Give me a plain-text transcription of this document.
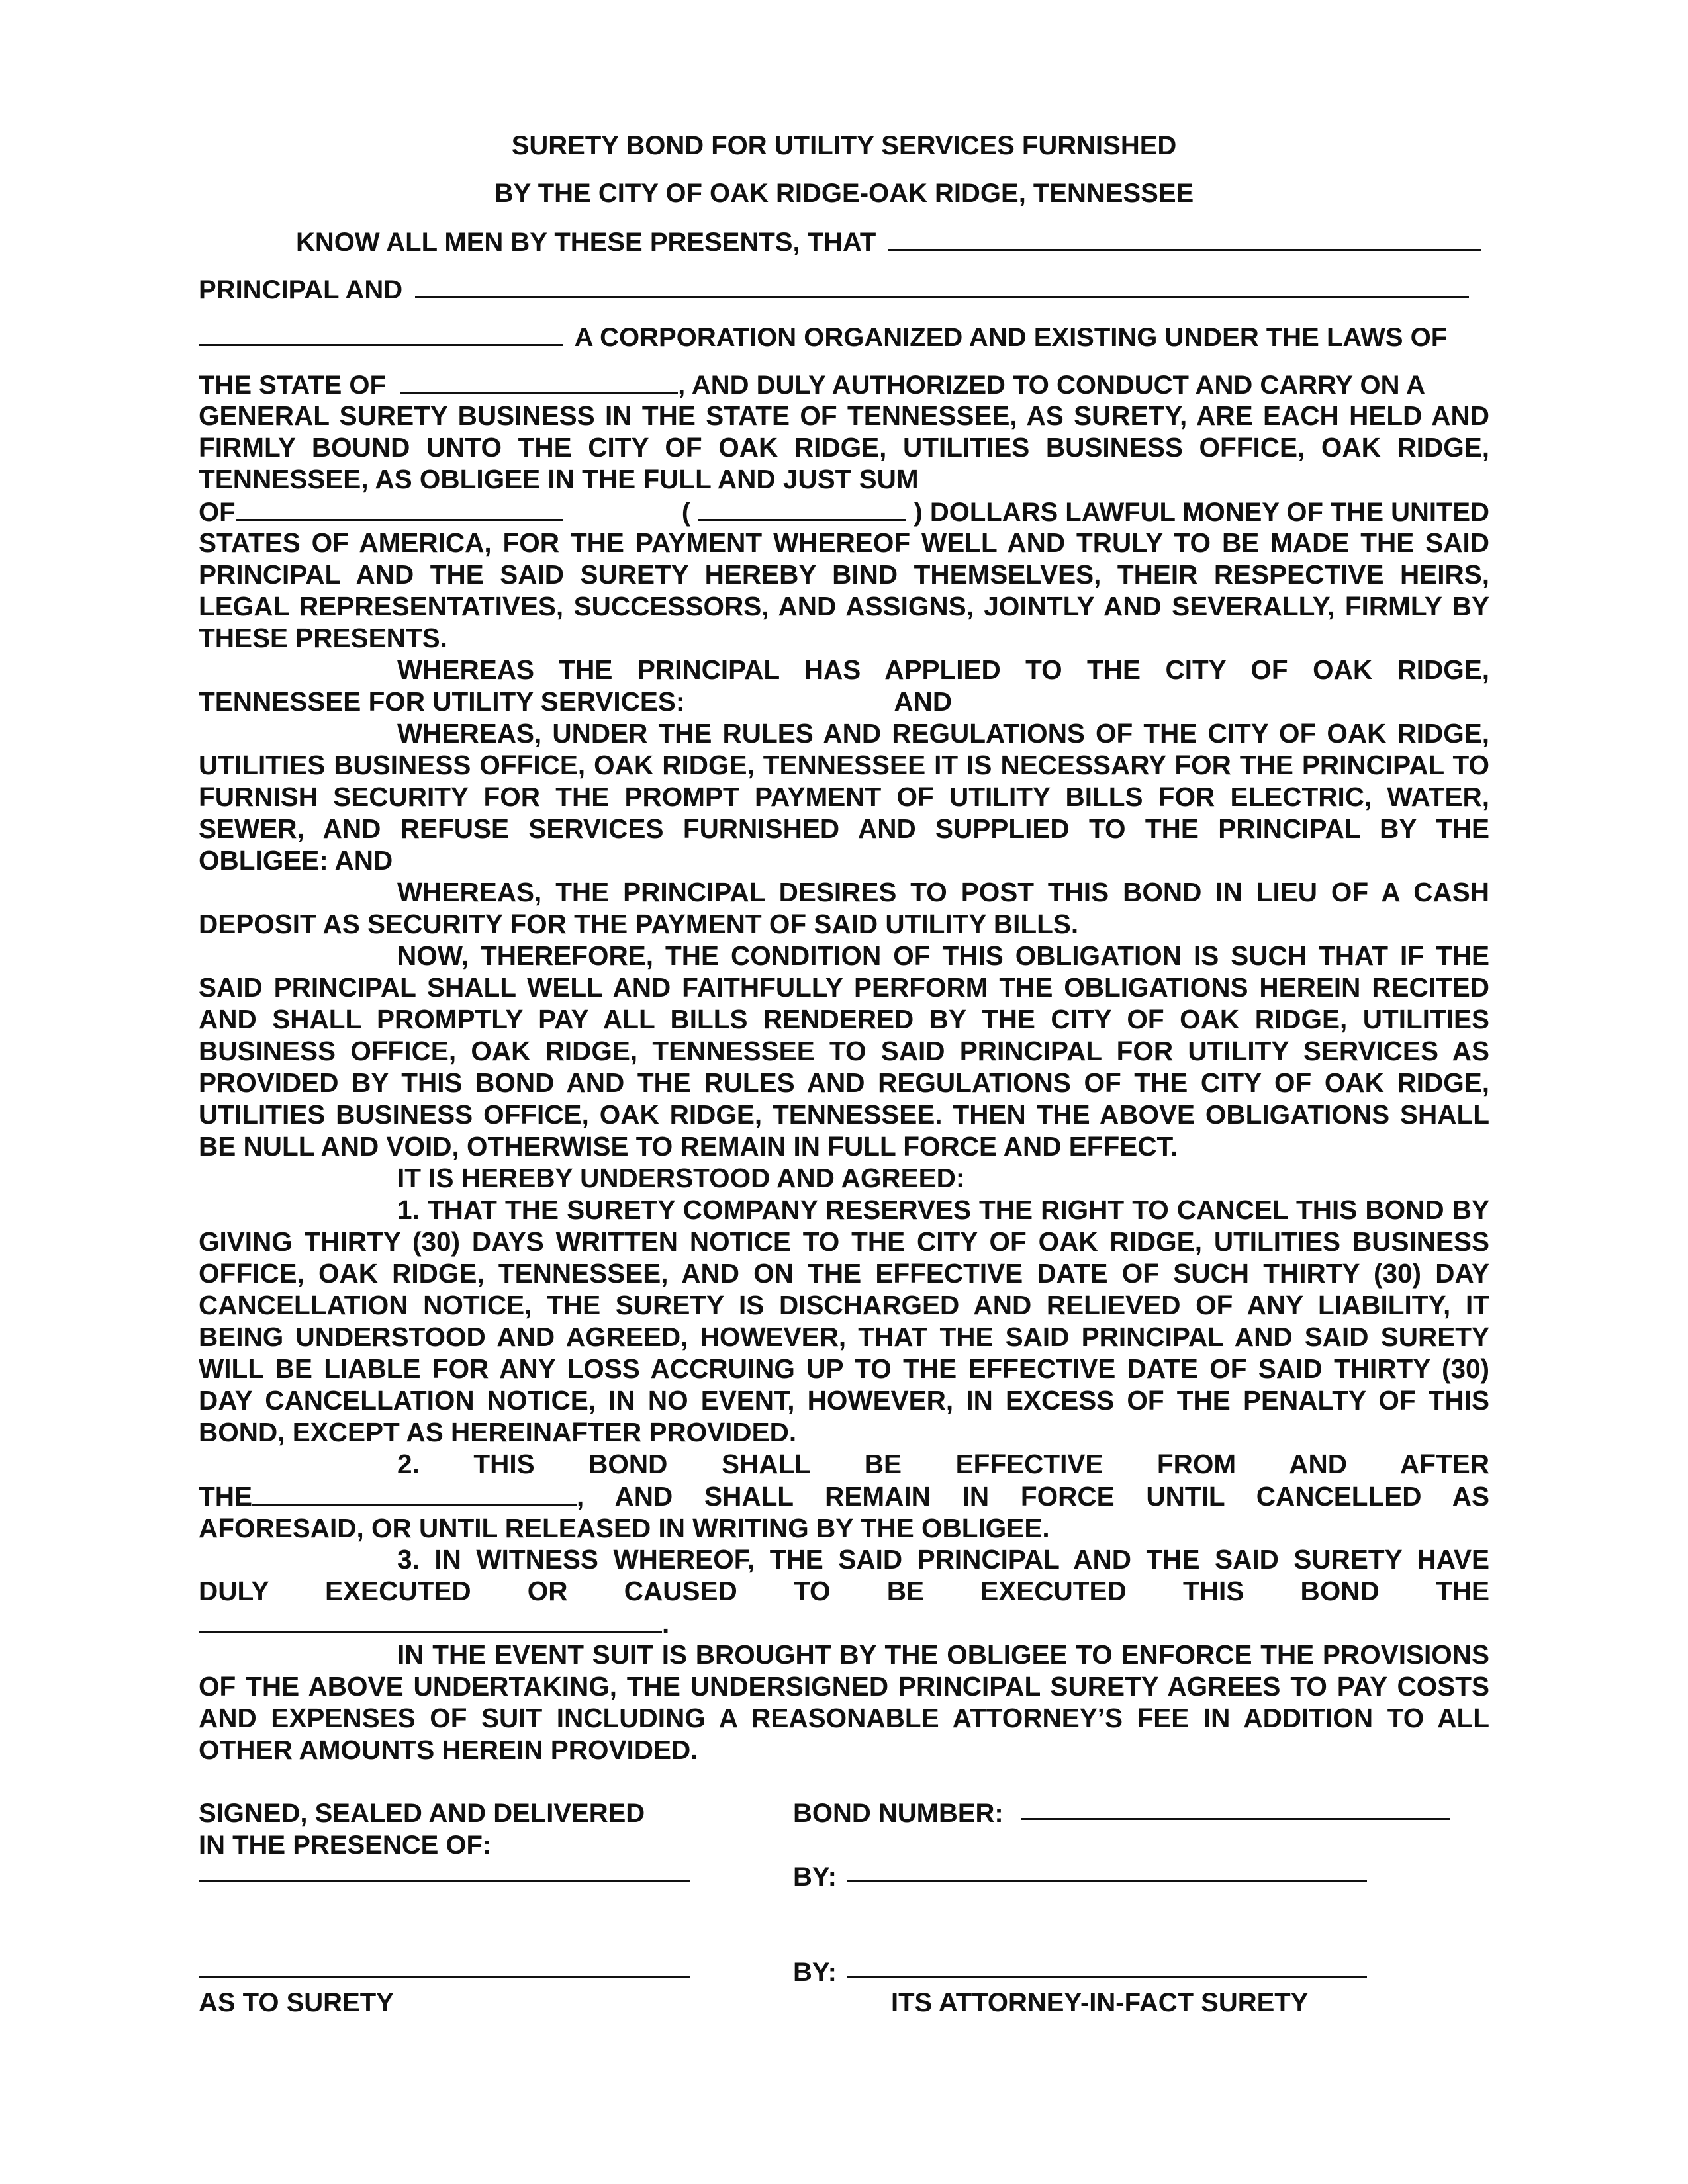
SURETY BOND FOR UTILITY SERVICES FURNISHED
BY THE CITY OF OAK RIDGE-OAK RIDGE, TENNESSEE
KNOW ALL MEN BY THESE PRESENTS, THAT
PRINCIPAL AND
A CORPORATION ORGANIZED AND EXISTING UNDER THE LAWS OF
THE STATE OF	, AND DULY AUTHORIZED TO CONDUCT AND CARRY ON A
GENERAL SURETY BUSINESS IN THE STATE OF TENNESSEE, AS SURETY, ARE EACH HELD AND FIRMLY BOUND UNTO THE CITY OF OAK RIDGE, UTILITIES BUSINESS OFFICE, OAK RIDGE, TENNESSEE, AS OBLIGEE IN THE FULL AND JUST SUM
OF	(	) DOLLARS LAWFUL MONEY OF THE UNITED
STATES OF AMERICA, FOR THE PAYMENT WHEREOF WELL AND TRULY TO BE MADE THE SAID PRINCIPAL AND THE SAID SURETY HEREBY BIND THEMSELVES, THEIR RESPECTIVE HEIRS, LEGAL REPRESENTATIVES, SUCCESSORS, AND ASSIGNS, JOINTLY AND SEVERALLY, FIRMLY BY THESE PRESENTS.
WHEREAS THE PRINCIPAL HAS APPLIED TO THE CITY OF OAK RIDGE,
TENNESSEE FOR UTILITY SERVICES:	AND
WHEREAS, UNDER THE RULES AND REGULATIONS OF THE CITY OF OAK RIDGE, UTILITIES BUSINESS OFFICE, OAK RIDGE, TENNESSEE IT IS NECESSARY FOR THE PRINCIPAL TO FURNISH SECURITY FOR THE PROMPT PAYMENT OF UTILITY BILLS FOR ELECTRIC, WATER, SEWER, AND REFUSE SERVICES FURNISHED AND SUPPLIED TO THE PRINCIPAL BY THE OBLIGEE: AND
WHEREAS, THE PRINCIPAL DESIRES TO POST THIS BOND IN LIEU OF A CASH DEPOSIT AS SECURITY FOR THE PAYMENT OF SAID UTILITY BILLS.
NOW, THEREFORE, THE CONDITION OF THIS OBLIGATION IS SUCH THAT IF THE SAID PRINCIPAL SHALL WELL AND FAITHFULLY PERFORM THE OBLIGATIONS HEREIN RECITED AND SHALL PROMPTLY PAY ALL BILLS RENDERED BY THE CITY OF OAK RIDGE, UTILITIES BUSINESS OFFICE, OAK RIDGE, TENNESSEE TO SAID PRINCIPAL FOR UTILITY SERVICES AS PROVIDED BY THIS BOND AND THE RULES AND REGULATIONS OF THE CITY OF OAK RIDGE, UTILITIES BUSINESS OFFICE, OAK RIDGE, TENNESSEE. THEN THE ABOVE OBLIGATIONS SHALL BE NULL AND VOID, OTHERWISE TO REMAIN IN FULL FORCE AND EFFECT.
IT IS HEREBY UNDERSTOOD AND AGREED:
1. THAT THE SURETY COMPANY RESERVES THE RIGHT TO CANCEL THIS BOND BY GIVING THIRTY (30) DAYS WRITTEN NOTICE TO THE CITY OF OAK RIDGE, UTILITIES BUSINESS OFFICE, OAK RIDGE, TENNESSEE, AND ON THE EFFECTIVE DATE OF SUCH THIRTY (30) DAY CANCELLATION NOTICE, THE SURETY IS DISCHARGED AND RELIEVED OF ANY LIABILITY, IT BEING UNDERSTOOD AND AGREED, HOWEVER, THAT THE SAID PRINCIPAL AND SAID SURETY WILL BE LIABLE FOR ANY LOSS ACCRUING UP TO THE EFFECTIVE DATE OF SAID THIRTY (30) DAY CANCELLATION NOTICE, IN NO EVENT, HOWEVER, IN EXCESS OF THE PENALTY OF THIS BOND, EXCEPT AS HEREINAFTER PROVIDED.
2. THIS BOND SHALL BE EFFECTIVE FROM AND AFTER
THE	, AND SHALL REMAIN IN FORCE UNTIL CANCELLED AS
AFORESAID, OR UNTIL RELEASED IN WRITING BY THE OBLIGEE.
3. IN WITNESS WHEREOF, THE SAID PRINCIPAL AND THE SAID SURETY HAVE
DULY EXECUTED OR CAUSED TO BE EXECUTED THIS BOND THE
.
IN THE EVENT SUIT IS BROUGHT BY THE OBLIGEE TO ENFORCE THE PROVISIONS OF THE ABOVE UNDERTAKING, THE UNDERSIGNED PRINCIPAL SURETY AGREES TO PAY COSTS AND EXPENSES OF SUIT INCLUDING A REASONABLE ATTORNEY’S FEE IN ADDITION TO ALL OTHER AMOUNTS HEREIN PROVIDED.
SIGNED, SEALED AND DELIVERED
IN THE PRESENCE OF:
BOND NUMBER:
BY:
BY:
AS TO SURETY	ITS ATTORNEY-IN-FACT SURETY
